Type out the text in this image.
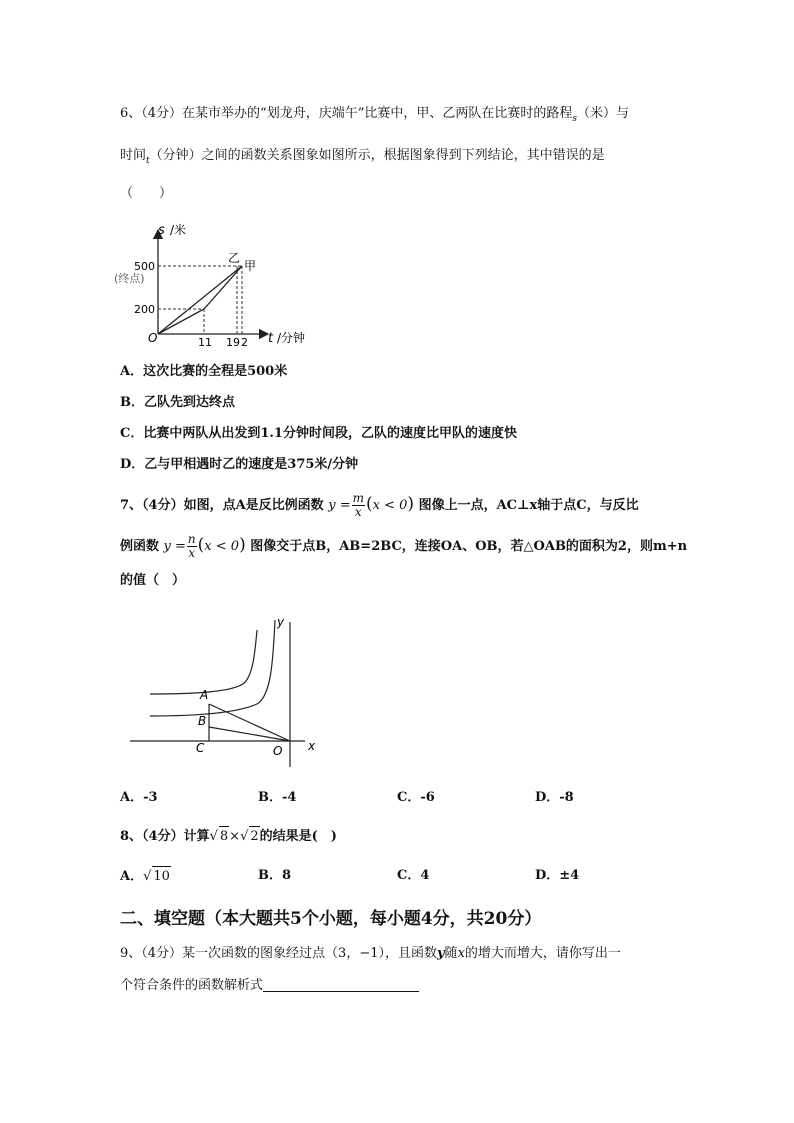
6、（4分）在某市举办的“划龙舟，庆端午”比赛中，甲、乙两队在比赛时的路程$_s$（米）与
时间$_t$（分钟）之间的函数关系图象如图所示，根据图象得到下列结论，其中错误的是
（　　）
s /米
500
(终点)
200
O	11 19 2 t /分钟
乙
甲
A．这次比赛的全程是500米
B．乙队先到达终点
C．比赛中两队从出发到1.1分钟时间段，乙队的速度比甲队的速度快
D．乙与甲相遇时乙的速度是375米/分钟
7、（4分）如图，点A是反比例函数 $y = \frac{m}{x} (x < 0)$ 图像上一点，AC⊥x轴于点C，与反比
例函数 $y = \frac{n}{x} (x < 0)$ 图像交于点B，AB=2BC，连接OA、OB，若△OAB的面积为2，则m+n
的值（　）
y
x
A
B
C	O
A．-3	B．-4	C．-6	D．-8
8、（4分）计算√ 8×√ 2的结果是(　)
A．√ 10	B．8	C．4	D．±4
二、填空题（本大题共5个小题，每小题4分，共20分）
9、（4分）某一次函数的图象经过点（3，−1），且函数y随x的增大而增大，请你写出一
个符合条件的函数解析式
